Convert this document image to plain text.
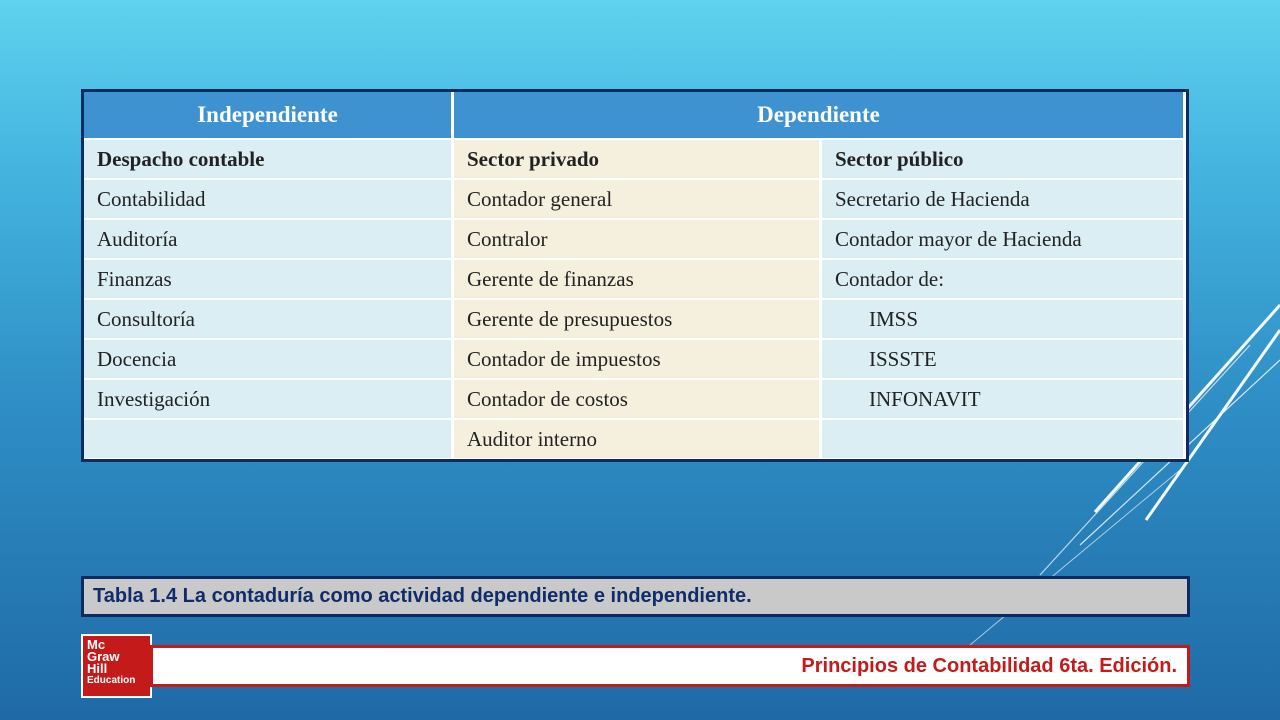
Independiente	Dependiente	
Despacho contable	Sector privado	Sector público
Contabilidad	Contador general	Secretario de Hacienda
Auditoría	Contralor	Contador mayor de Hacienda
Finanzas	Gerente de finanzas	Contador de:
Consultoría	Gerente de presupuestos	IMSS
Docencia	Contador de impuestos	ISSSTE
Investigación	Contador de costos	INFONAVIT
	Auditor interno	
Tabla 1.4 La contaduría como actividad dependiente e independiente.
Mc
Graw
Hill
Education
Principios de Contabilidad 6ta. Edición.
